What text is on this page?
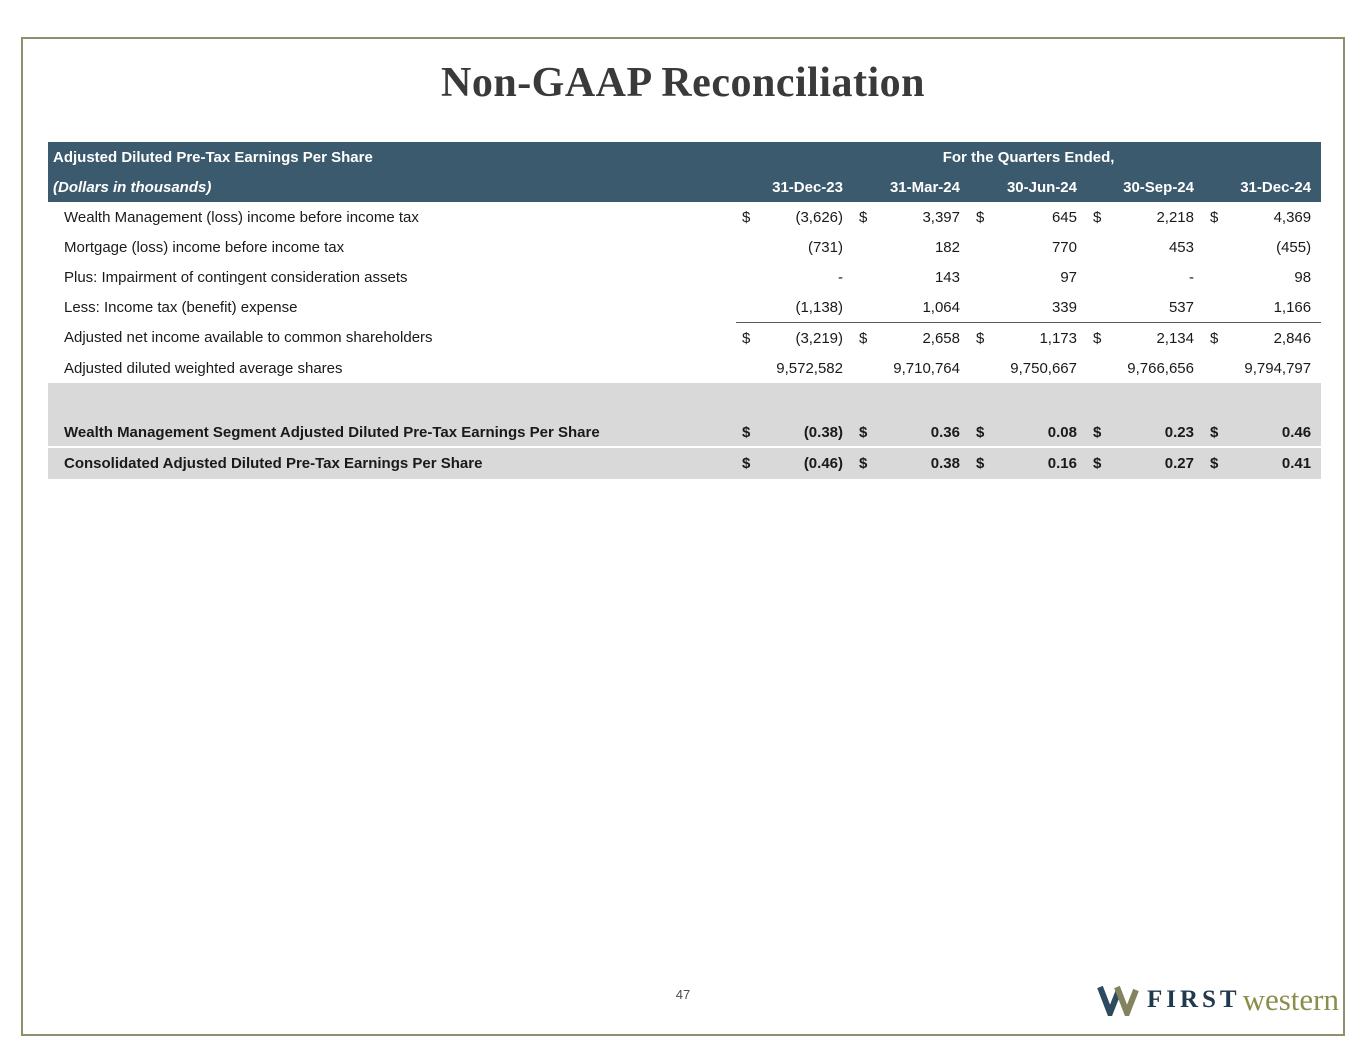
Non-GAAP Reconciliation
Adjusted Diluted Pre-Tax Earnings Per Share	For the Quarters Ended,									
(Dollars in thousands)	31-Dec-23		31-Mar-24		30-Jun-24		30-Sep-24		31-Dec-24	
Wealth Management (loss) income before income tax	$	(3,626)	$	3,397	$	645	$	2,218	$	4,369
Mortgage (loss) income before income tax		(731)		182		770		453		(455)
Plus: Impairment of contingent consideration assets		-		143		97		-		98
Less: Income tax (benefit) expense		(1,138)		1,064		339		537		1,166
Adjusted net income available to common shareholders	$	(3,219)	$	2,658	$	1,173	$	2,134	$	2,846
Adjusted diluted weighted average shares		9,572,582		9,710,764		9,750,667		9,766,656		9,794,797
Wealth Management Segment Adjusted Diluted Pre-Tax Earnings Per Share	$	(0.38)	$	0.36	$	0.08	$	0.23	$	0.46
Consolidated Adjusted Diluted Pre-Tax Earnings Per Share	$	(0.46)	$	0.38	$	0.16	$	0.27	$	0.41
47	FIRST western
